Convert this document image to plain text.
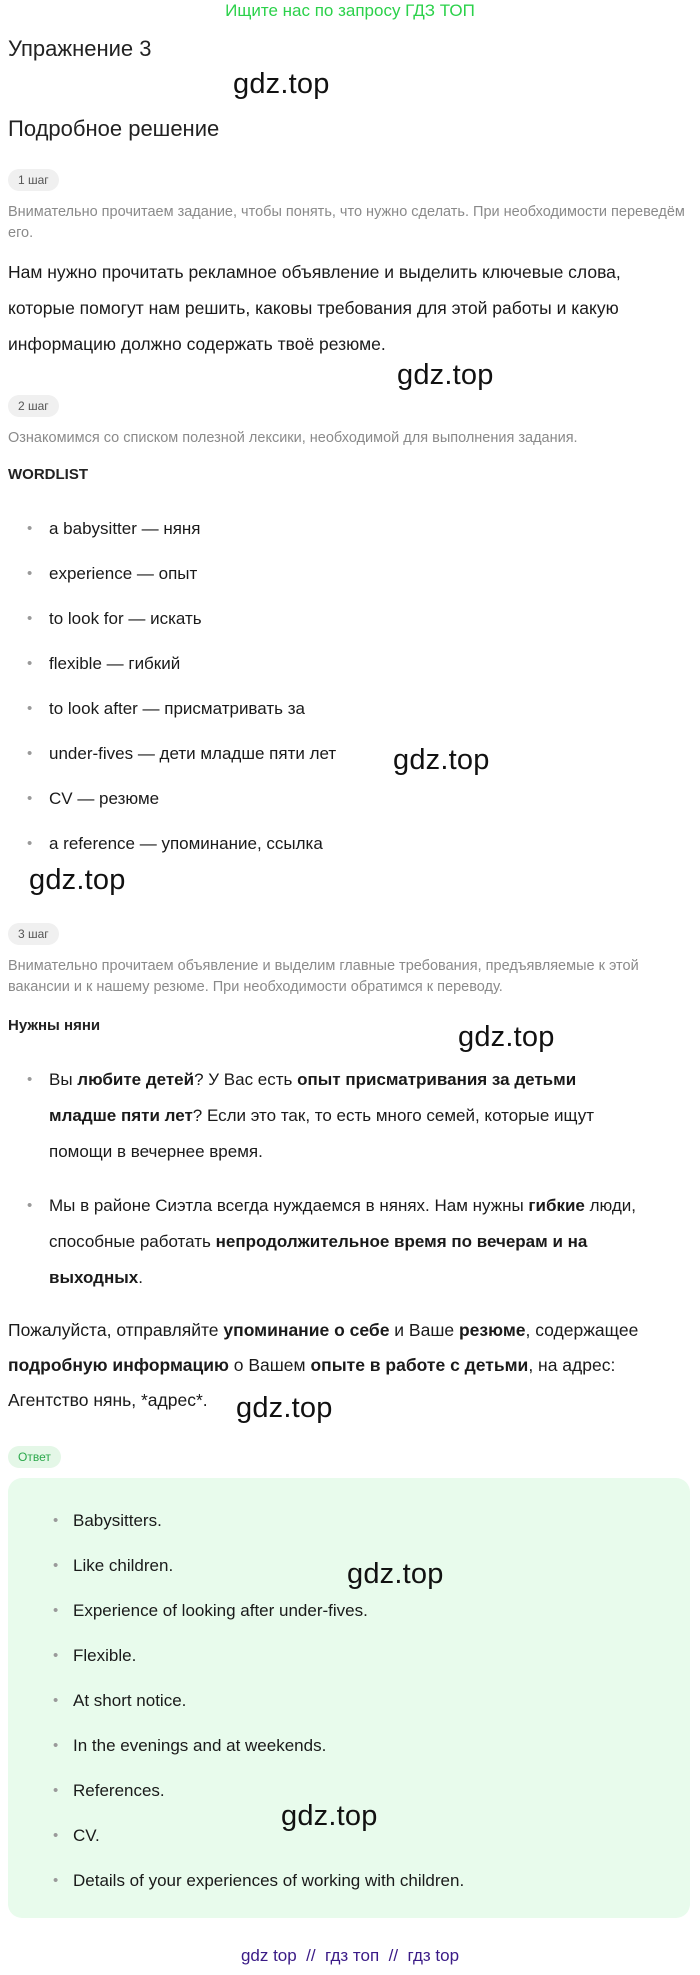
Ищите нас по запросу ГДЗ ТОП
Упражнение 3
gdz.top
Подробное решение
1 шаг
Внимательно прочитаем задание, чтобы понять, что нужно сделать. При необходимости переведём его.
Нам нужно прочитать рекламное объявление и выделить ключевые слова, которые помогут нам решить, каковы требования для этой работы и какую информацию должно содержать твоё резюме.
gdz.top
2 шаг
Ознакомимся со списком полезной лексики, необходимой для выполнения задания.
WORDLIST
• a babysitter — няня
• experience — опыт
• to look for — искать
• flexible — гибкий
• to look after — присматривать за
• under-fives — дети младше пяти лет
• CV — резюме
• a reference — упоминание, ссылка
gdz.top
gdz.top
3 шаг
Внимательно прочитаем объявление и выделим главные требования, предъявляемые к этой вакансии и к нашему резюме. При необходимости обратимся к переводу.
Нужны няни	gdz.top
• Вы любите детей? У Вас есть опыт присматривания за детьми младше пяти лет? Если это так, то есть много семей, которые ищут помощи в вечернее время.
• Мы в районе Сиэтла всегда нуждаемся в нянях. Нам нужны гибкие люди, способные работать непродолжительное время по вечерам и на выходных.
Пожалуйста, отправляйте упоминание о себе и Ваше резюме, содержащее подробную информацию о Вашем опыте в работе с детьми, на адрес: Агентство нянь, *адрес*. gdz.top
Ответ
• Babysitters.
• Like children.
• Experience of looking after under-fives.
• Flexible.
• At short notice.
• In the evenings and at weekends.
• References.
• CV.
• Details of your experiences of working with children.
gdz.top
gdz.top
gdz top  //  гдз топ  //  гдз top
